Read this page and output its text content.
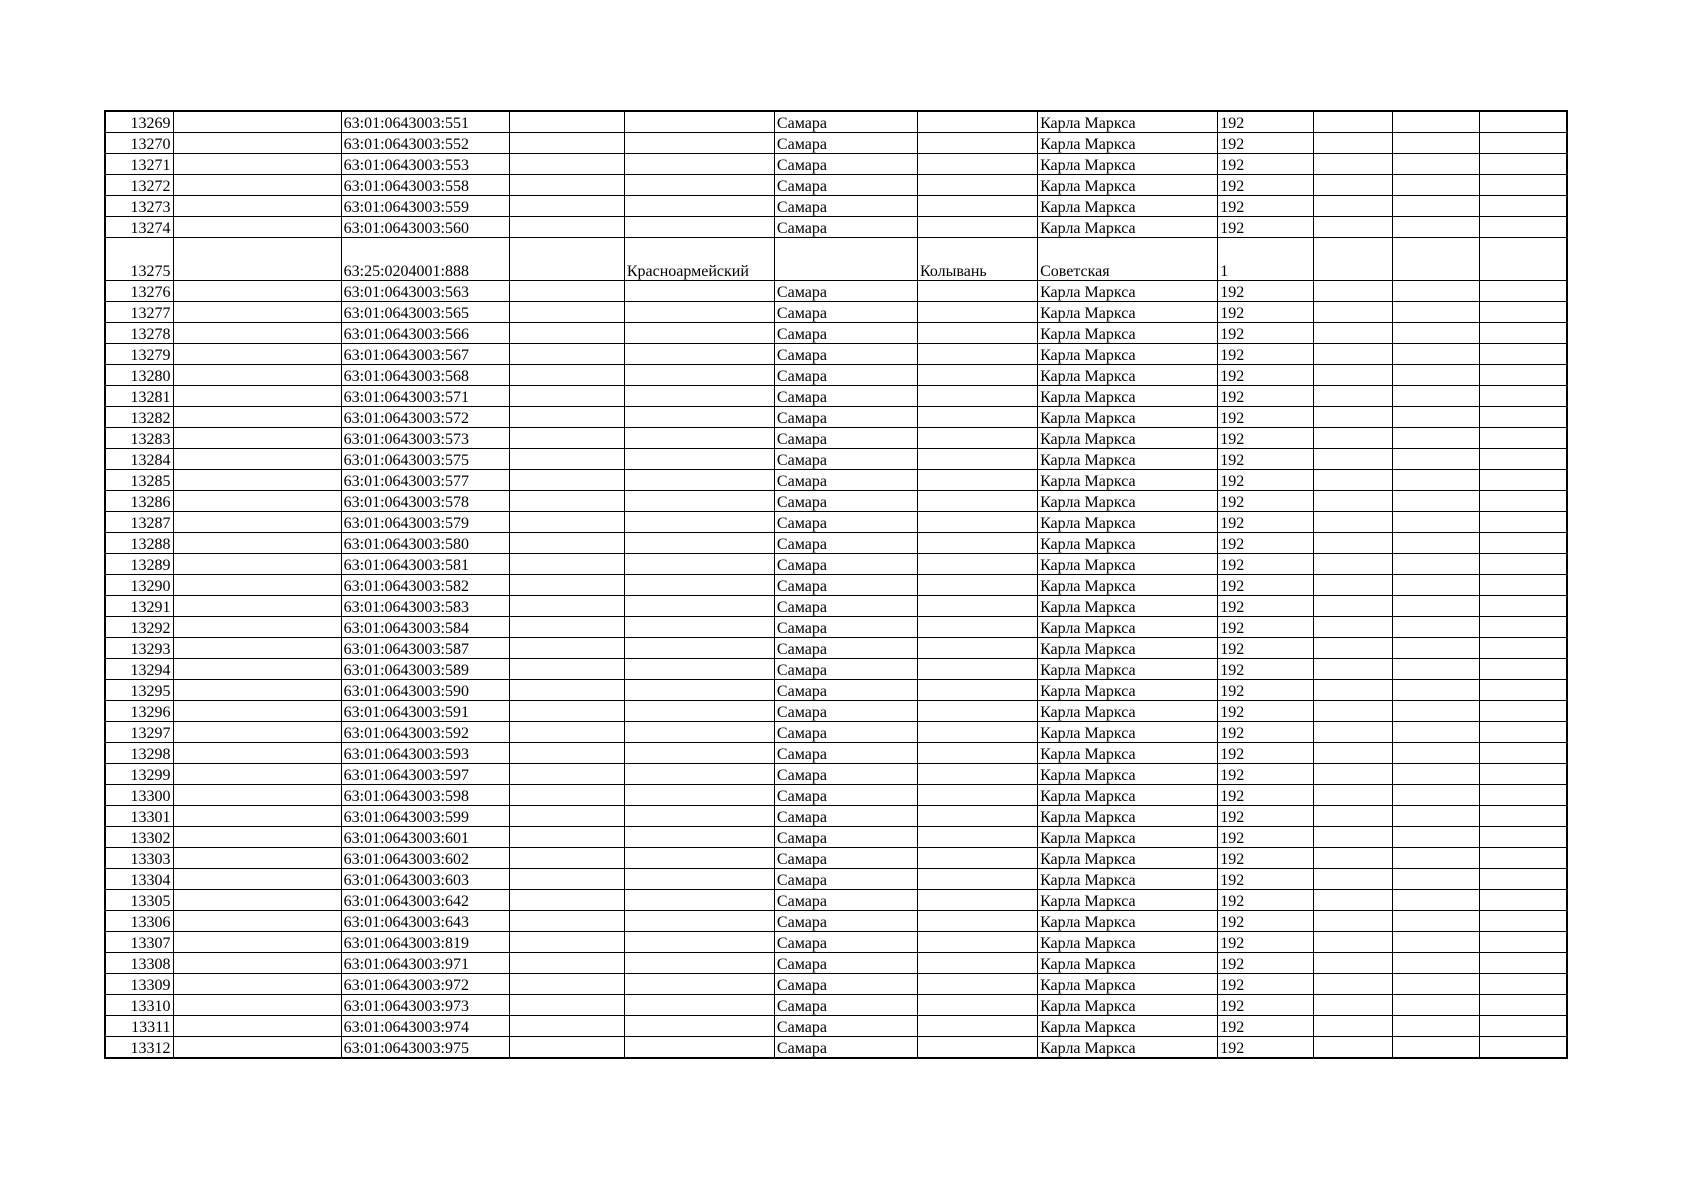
13269		63:01:0643003:551			Самара		Карла Маркса	192			
13270		63:01:0643003:552			Самара		Карла Маркса	192			
13271		63:01:0643003:553			Самара		Карла Маркса	192			
13272		63:01:0643003:558			Самара		Карла Маркса	192			
13273		63:01:0643003:559			Самара		Карла Маркса	192			
13274		63:01:0643003:560			Самара		Карла Маркса	192			
13275		63:25:0204001:888		Красноармейский		Колывань	Советская	1			
13276		63:01:0643003:563			Самара		Карла Маркса	192			
13277		63:01:0643003:565			Самара		Карла Маркса	192			
13278		63:01:0643003:566			Самара		Карла Маркса	192			
13279		63:01:0643003:567			Самара		Карла Маркса	192			
13280		63:01:0643003:568			Самара		Карла Маркса	192			
13281		63:01:0643003:571			Самара		Карла Маркса	192			
13282		63:01:0643003:572			Самара		Карла Маркса	192			
13283		63:01:0643003:573			Самара		Карла Маркса	192			
13284		63:01:0643003:575			Самара		Карла Маркса	192			
13285		63:01:0643003:577			Самара		Карла Маркса	192			
13286		63:01:0643003:578			Самара		Карла Маркса	192			
13287		63:01:0643003:579			Самара		Карла Маркса	192			
13288		63:01:0643003:580			Самара		Карла Маркса	192			
13289		63:01:0643003:581			Самара		Карла Маркса	192			
13290		63:01:0643003:582			Самара		Карла Маркса	192			
13291		63:01:0643003:583			Самара		Карла Маркса	192			
13292		63:01:0643003:584			Самара		Карла Маркса	192			
13293		63:01:0643003:587			Самара		Карла Маркса	192			
13294		63:01:0643003:589			Самара		Карла Маркса	192			
13295		63:01:0643003:590			Самара		Карла Маркса	192			
13296		63:01:0643003:591			Самара		Карла Маркса	192			
13297		63:01:0643003:592			Самара		Карла Маркса	192			
13298		63:01:0643003:593			Самара		Карла Маркса	192			
13299		63:01:0643003:597			Самара		Карла Маркса	192			
13300		63:01:0643003:598			Самара		Карла Маркса	192			
13301		63:01:0643003:599			Самара		Карла Маркса	192			
13302		63:01:0643003:601			Самара		Карла Маркса	192			
13303		63:01:0643003:602			Самара		Карла Маркса	192			
13304		63:01:0643003:603			Самара		Карла Маркса	192			
13305		63:01:0643003:642			Самара		Карла Маркса	192			
13306		63:01:0643003:643			Самара		Карла Маркса	192			
13307		63:01:0643003:819			Самара		Карла Маркса	192			
13308		63:01:0643003:971			Самара		Карла Маркса	192			
13309		63:01:0643003:972			Самара		Карла Маркса	192			
13310		63:01:0643003:973			Самара		Карла Маркса	192			
13311		63:01:0643003:974			Самара		Карла Маркса	192			
13312		63:01:0643003:975			Самара		Карла Маркса	192			
